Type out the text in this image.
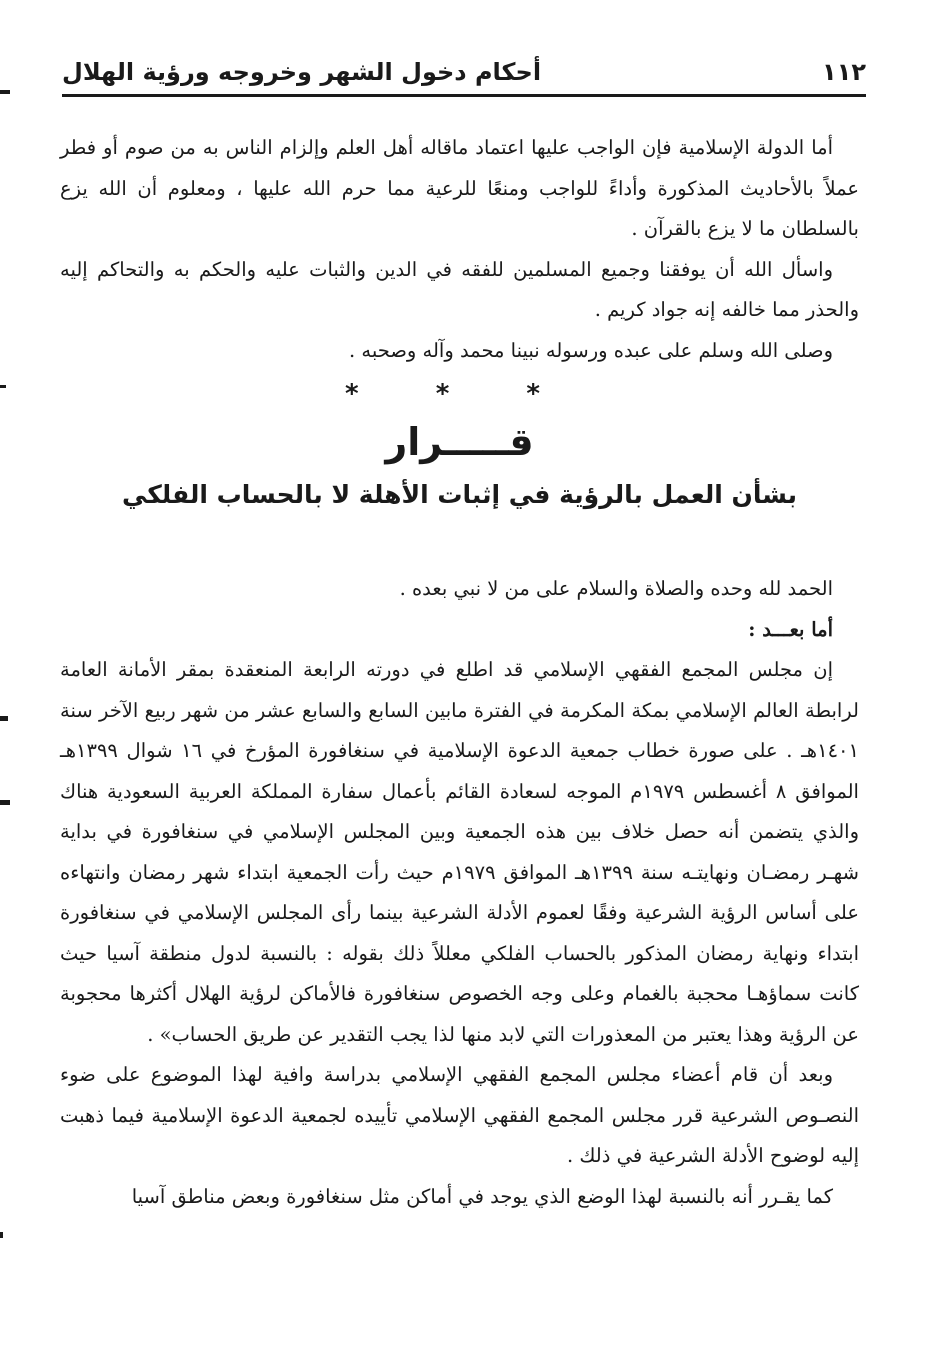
١١٢
أحكام دخول الشهر وخروجه ورؤية الهلال

أما الدولة الإسلامية فإن الواجب عليها اعتماد ماقاله أهل العلم وإلزام الناس به من صوم أو فطر عملاً بالأحاديث المذكورة وأداءً للواجب ومنعًا للرعية مما حرم الله عليها ، ومعلوم أن الله يزع بالسلطان ما لا يزع بالقرآن .

واسأل الله أن يوفقنا وجميع المسلمين للفقه في الدين والثبات عليه والحكم به والتحاكم إليه والحذر مما خالفه إنه جواد كريم .

وصلى الله وسلم على عبده ورسوله نبينا محمد وآله وصحبه .

* * *
قـــــرار
بشأن العمل بالرؤية في إثبات الأهلة لا بالحساب الفلكي

الحمد لله وحده والصلاة والسلام على من لا نبي بعده .

أما بعـــد :

إن مجلس المجمع الفقهي الإسلامي قد اطلع في دورته الرابعة المنعقدة بمقر الأمانة العامة لرابطة العالم الإسلامي بمكة المكرمة في الفترة مابين السابع والسابع عشر من شهر ربيع الآخر سنة ١٤٠١هـ . على صورة خطاب جمعية الدعوة الإسلامية في سنغافورة المؤرخ في ١٦ شوال ١٣٩٩هـ الموافق ٨ أغسطس ١٩٧٩م الموجه لسعادة القائم بأعمال سفارة المملكة العربية السعودية هناك والذي يتضمن أنه حصل خلاف بين هذه الجمعية وبين المجلس الإسلامي في سنغافورة في بداية شهـر رمضـان ونهايتـه سنة ١٣٩٩هـ الموافق ١٩٧٩م حيث رأت الجمعية ابتداء شهر رمضان وانتهاءه على أساس الرؤية الشرعية وفقًا لعموم الأدلة الشرعية بينما رأى المجلس الإسلامي في سنغافورة ابتداء ونهاية رمضان المذكور بالحساب الفلكي معللاً ذلك بقوله : بالنسبة لدول منطقة آسيا حيث كانت سماؤهـا محجبة بالغمام وعلى وجه الخصوص سنغافورة فالأماكن لرؤية الهلال أكثرها محجوبة عن الرؤية وهذا يعتبر من المعذورات التي لابد منها لذا يجب التقدير عن طريق الحساب» .

وبعد أن قام أعضاء مجلس المجمع الفقهي الإسلامي بدراسة وافية لهذا الموضوع على ضوء النصـوص الشرعية قرر مجلس المجمع الفقهي الإسلامي تأييده لجمعية الدعوة الإسلامية فيما ذهبت إليه لوضوح الأدلة الشرعية في ذلك .

كما يقـرر أنه بالنسبة لهذا الوضع الذي يوجد في أماكن مثل سنغافورة وبعض مناطق آسيا
